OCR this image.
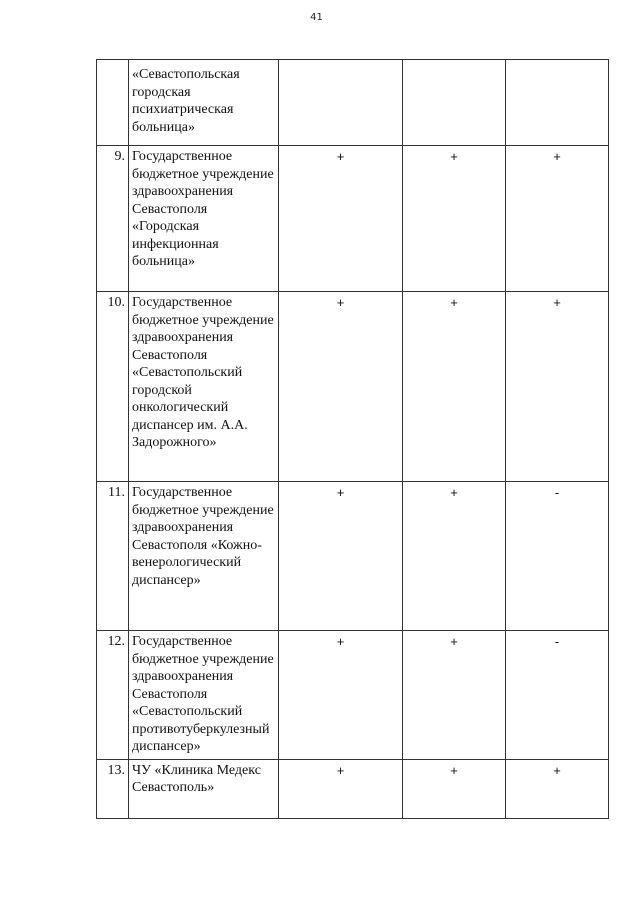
41
	«Севастопольская городская психиатрическая больница»			
9.	Государственное бюджетное учреждение здравоохранения Севастополя «Городская инфекционная больница»	+	+	+
10.	Государственное бюджетное учреждение здравоохранения Севастополя «Севастопольский городской онкологический диспансер им. А.А. Задорожного»	+	+	+
11.	Государственное бюджетное учреждение здравоохранения Севастополя «Кожно-венерологический диспансер»	+	+	-
12.	Государственное бюджетное учреждение здравоохранения Севастополя «Севастопольский противотуберкулезный диспансер»	+	+	-
13.	ЧУ «Клиника Медекс Севастополь»	+	+	+
